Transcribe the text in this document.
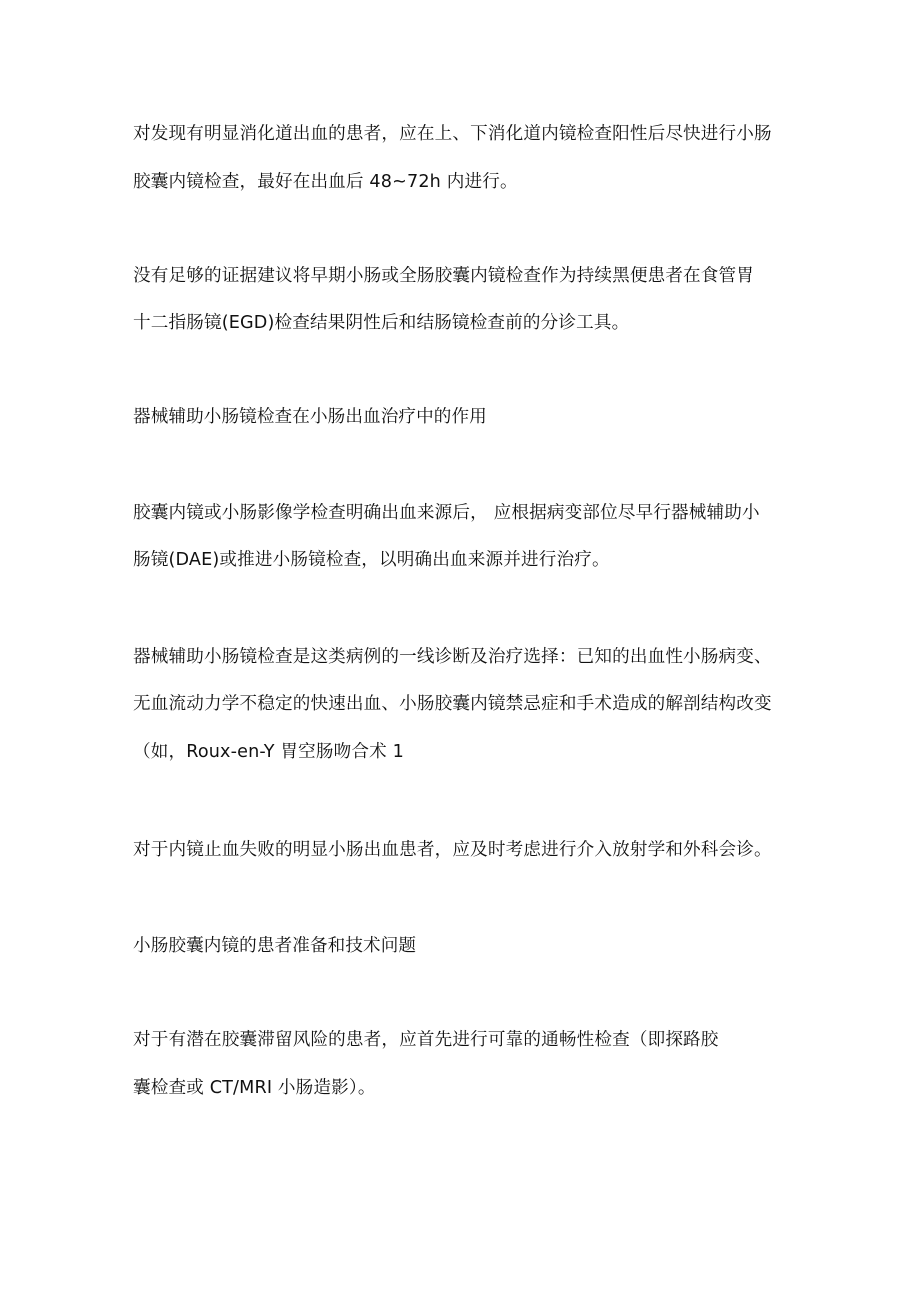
对发现有明显消化道出血的患者，应在上、下消化道内镜检查阳性后尽快进行小肠
胶囊内镜检查，最好在出血后 48~72h 内进行。
没有足够的证据建议将早期小肠或全肠胶囊内镜检查作为持续黑便患者在食管胃
十二指肠镜(EGD)检查结果阴性后和结肠镜检查前的分诊工具。
器械辅助小肠镜检查在小肠出血治疗中的作用
胶囊内镜或小肠影像学检查明确出血来源后， 应根据病变部位尽早行器械辅助小
肠镜(DAE)或推进小肠镜检查，以明确出血来源并进行治疗。
器械辅助小肠镜检查是这类病例的一线诊断及治疗选择：已知的出血性小肠病变、
无血流动力学不稳定的快速出血、小肠胶囊内镜禁忌症和手术造成的解剖结构改变
（如，Roux-en-Y 胃空肠吻合术 1
对于内镜止血失败的明显小肠出血患者，应及时考虑进行介入放射学和外科会诊。
小肠胶囊内镜的患者准备和技术问题
对于有潜在胶囊滞留风险的患者，应首先进行可靠的通畅性检查（即探路胶
囊检查或 CT/MRI 小肠造影）。
